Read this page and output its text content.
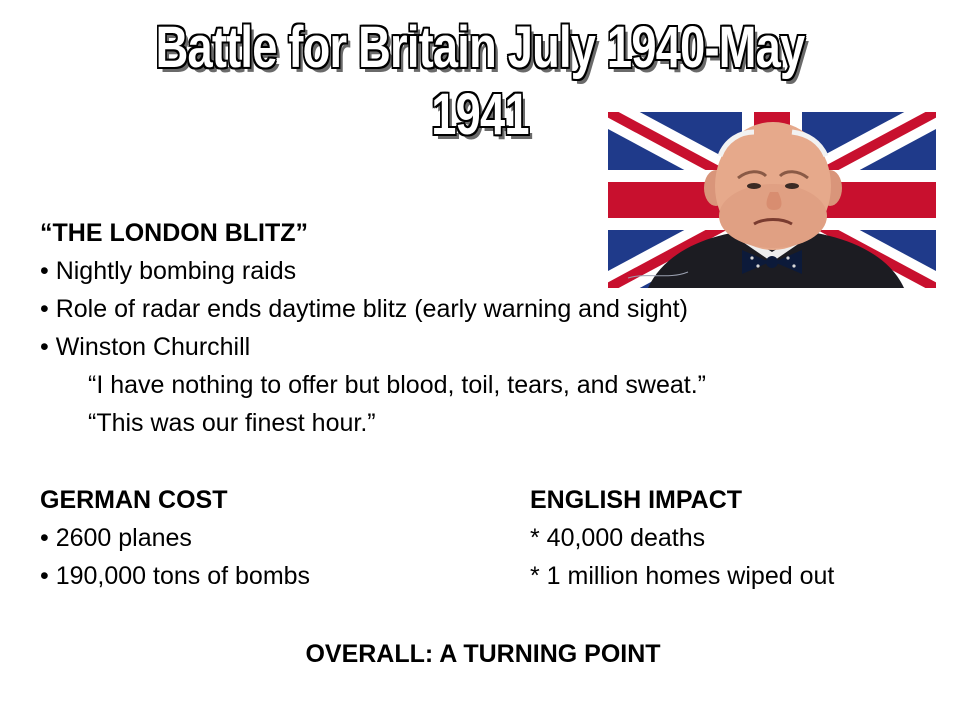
Battle for Britain July 1940-May 1941
“THE LONDON BLITZ”
• Nightly bombing raids
• Role of radar ends daytime blitz (early warning and sight)
• Winston Churchill
“I have nothing to offer but blood, toil, tears, and sweat.”
“This was our finest hour.”
GERMAN COST
• 2600 planes
• 190,000 tons of bombs
ENGLISH IMPACT
* 40,000 deaths
* 1 million homes wiped out
OVERALL: A TURNING POINT
